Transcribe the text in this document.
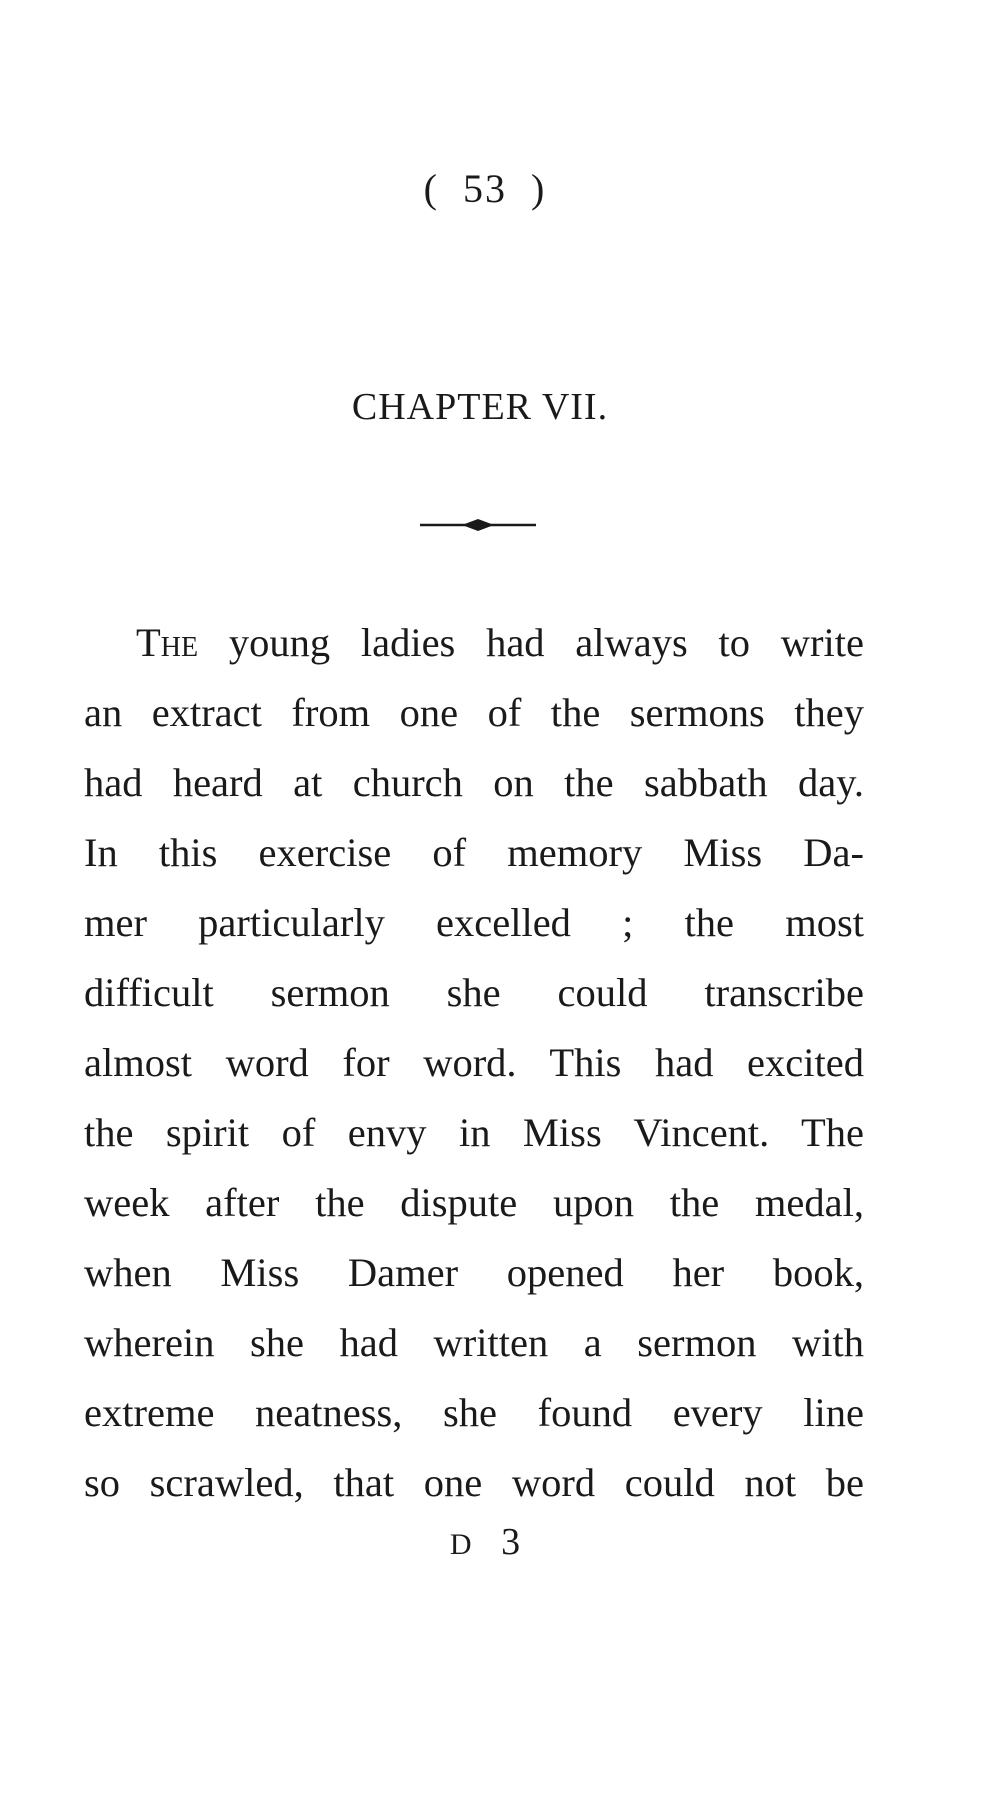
(  53  )
CHAPTER VII.
The young ladies had always to write
an extract from one of the sermons they
had heard at church on the sabbath day.
In this exercise of memory Miss Da-
mer particularly excelled ; the most
difficult sermon she could transcribe
almost word for word. This had excited
the spirit of envy in Miss Vincent. The
week after the dispute upon the medal,
when Miss Damer opened her book,
wherein she had written a sermon with
extreme neatness, she found every line
so scrawled, that one word could not be
D 3
